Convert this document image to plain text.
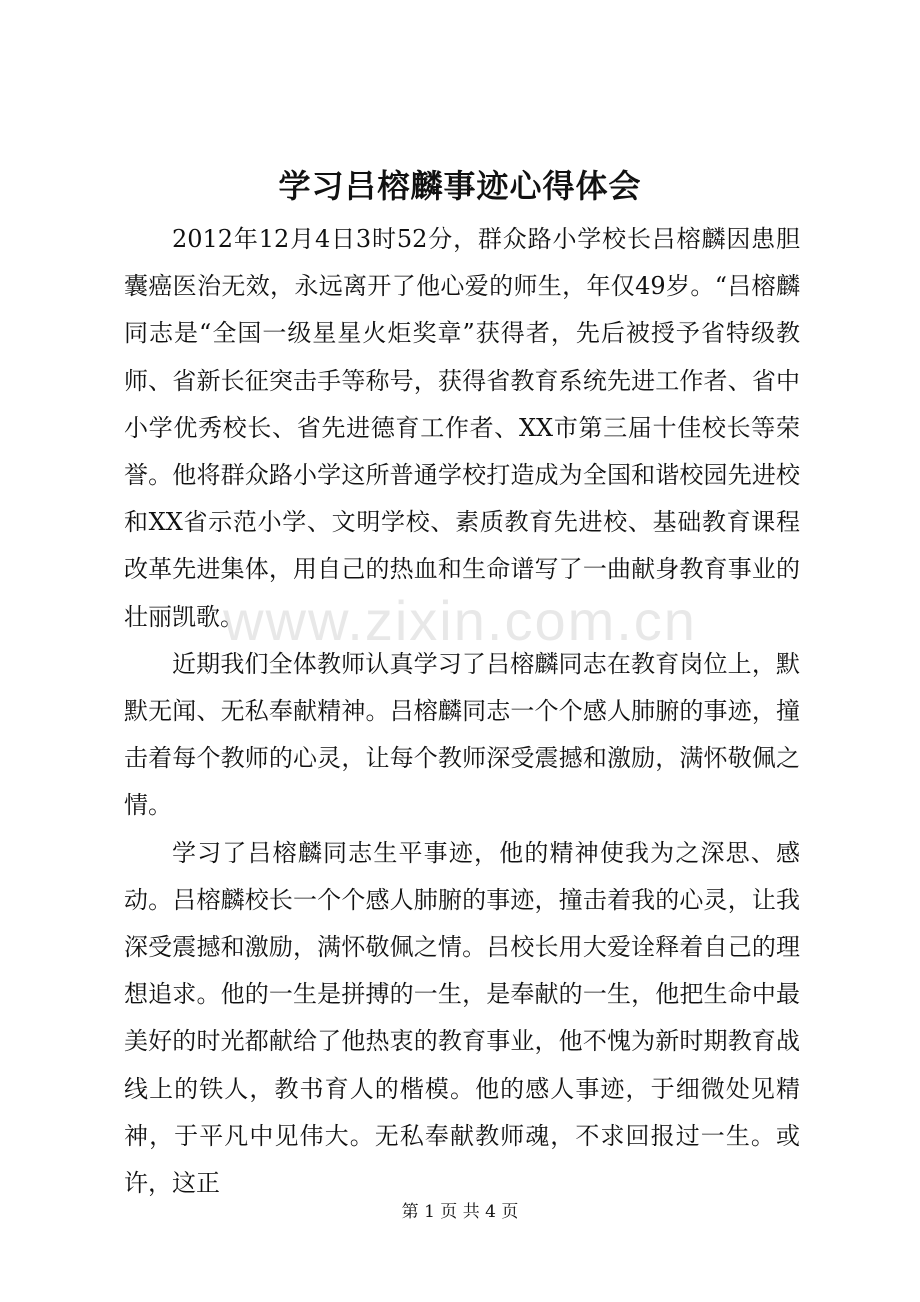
学习吕榕麟事迹心得体会

2012年12月4日3时52分，群众路小学校长吕榕麟因患胆囊癌医治无效，永远离开了他心爱的师生，年仅49岁。“吕榕麟同志是“全国一级星星火炬奖章”获得者，先后被授予省特级教师、省新长征突击手等称号，获得省教育系统先进工作者、省中小学优秀校长、省先进德育工作者、XX市第三届十佳校长等荣誉。他将群众路小学这所普通学校打造成为全国和谐校园先进校和XX省示范小学、文明学校、素质教育先进校、基础教育课程改革先进集体，用自己的热血和生命谱写了一曲献身教育事业的壮丽凯歌。

近期我们全体教师认真学习了吕榕麟同志在教育岗位上，默默无闻、无私奉献精神。吕榕麟同志一个个感人肺腑的事迹，撞击着每个教师的心灵，让每个教师深受震撼和激励，满怀敬佩之情。

学习了吕榕麟同志生平事迹，他的精神使我为之深思、感动。吕榕麟校长一个个感人肺腑的事迹，撞击着我的心灵，让我深受震撼和激励，满怀敬佩之情。吕校长用大爱诠释着自己的理想追求。他的一生是拼搏的一生，是奉献的一生，他把生命中最美好的时光都献给了他热衷的教育事业，他不愧为新时期教育战线上的铁人，教书育人的楷模。他的感人事迹，于细微处见精神，于平凡中见伟大。无私奉献教师魂，不求回报过一生。或许，这正

www.zixin.com.cn
第 1 页 共 4 页
